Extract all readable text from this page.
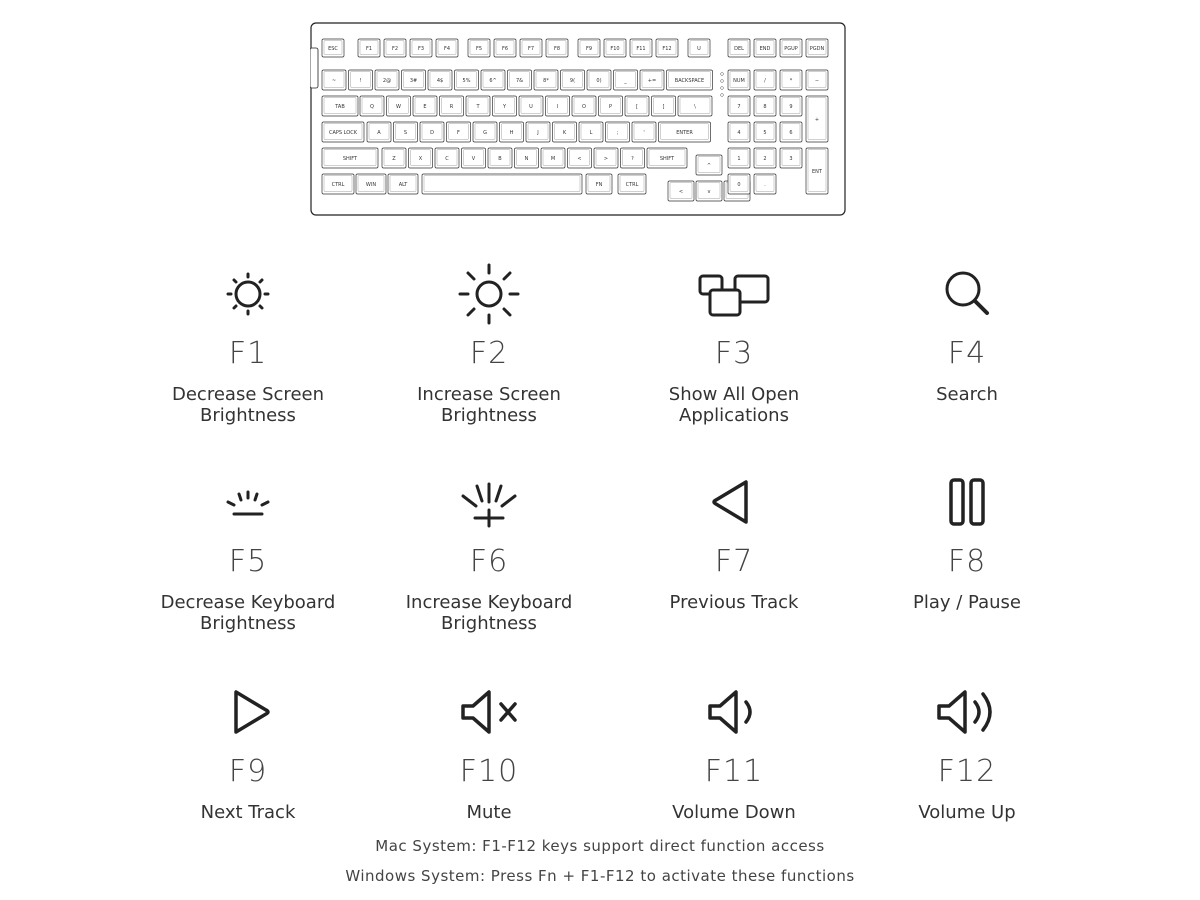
ESC	F1	F2	F3	F4	F5	F6	F7	F8	F9	F10	F11	F12	U	DEL	END	PGUP PGDN
~	!	2@	3#	4$	5%	6^	7&	8*	9(	0)	_	+=	BACKSPACE
TAB	Q	W	E	R	T	Y	U	I	O	P	[	]	\
CAPS LOCK	A	S	D	F	G	H	J	K	L	;	'	ENTER
SHIFT	Z	X	C	V	B	N	M	<	>	?	SHIFT
^
CTRL	WIN	ALT	FN	CTRL
<	v
NUM	/	*	−
7	8	9
4	5	6
1	2	3
0	.
+
ENT
F1
Decrease Screen Brightness
F2
Increase Screen Brightness
F3
Show All Open Applications
F4
Search
F5
Decrease Keyboard Brightness
F6
Increase Keyboard Brightness
F7
Previous Track
F8
Play / Pause
F9
Next Track
F10
Mute
F11
Volume Down
F12
Volume Up
Mac System: F1-F12 keys support direct function access
Windows System: Press Fn + F1-F12 to activate these functions
